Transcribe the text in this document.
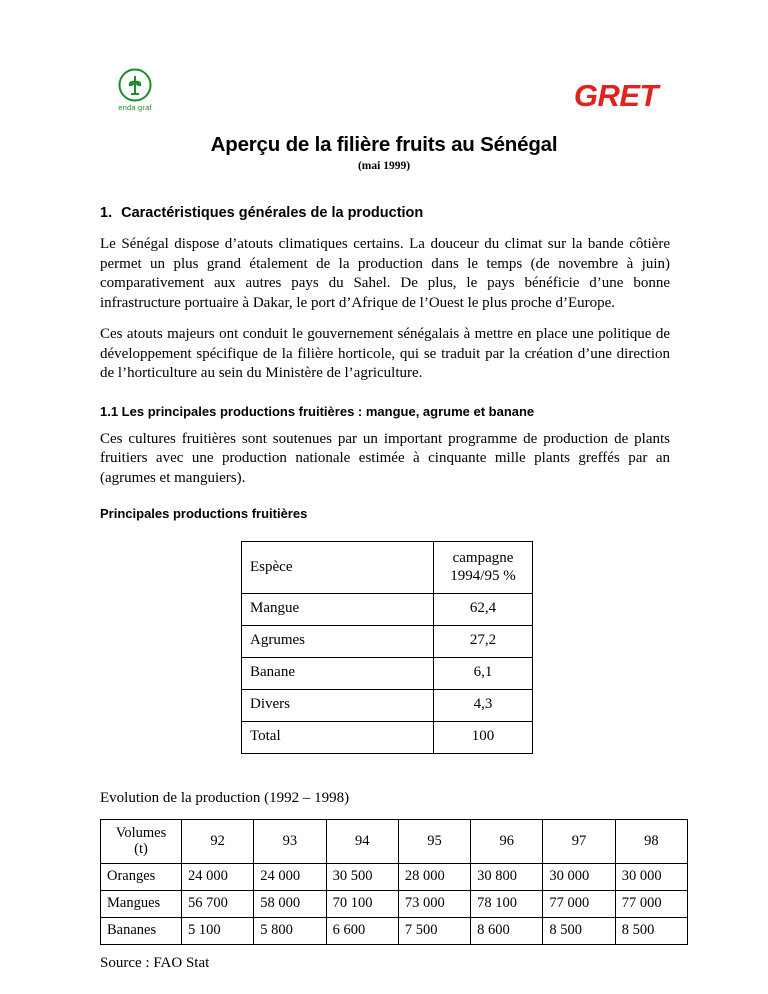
enda graf	GRET
Aperçu de la filière fruits au Sénégal
(mai 1999)
1. Caractéristiques générales de la production

Le Sénégal dispose d’atouts climatiques certains. La douceur du climat sur la bande côtière permet un plus grand étalement de la production dans le temps (de novembre à juin) comparativement aux autres pays du Sahel. De plus, le pays bénéficie d’une bonne infrastructure portuaire à Dakar, le port d’Afrique de l’Ouest le plus proche d’Europe.

Ces atouts majeurs ont conduit le gouvernement sénégalais à mettre en place une politique de développement spécifique de la filière horticole, qui se traduit par la création d’une direction de l’horticulture au sein du Ministère de l’agriculture.

1.1 Les principales productions fruitières : mangue, agrume et banane

Ces cultures fruitières sont soutenues par un important programme de production de plants fruitiers avec une production nationale estimée à cinquante mille plants greffés par an (agrumes et manguiers).

Principales productions fruitières

Espèce	campagne
1994/95 %
Mangue	62,4
Agrumes	27,2
Banane	6,1
Divers	4,3
Total	100

Evolution de la production (1992 – 1998)

Volumes
(t)	92	93	94	95	96	97	98
Oranges	24 000	24 000	30 500	28 000	30 800	30 000	30 000
Mangues	56 700	58 000	70 100	73 000	78 100	77 000	77 000
Bananes	5 100	5 800	6 600	7 500	8 600	8 500	8 500

Source : FAO Stat
